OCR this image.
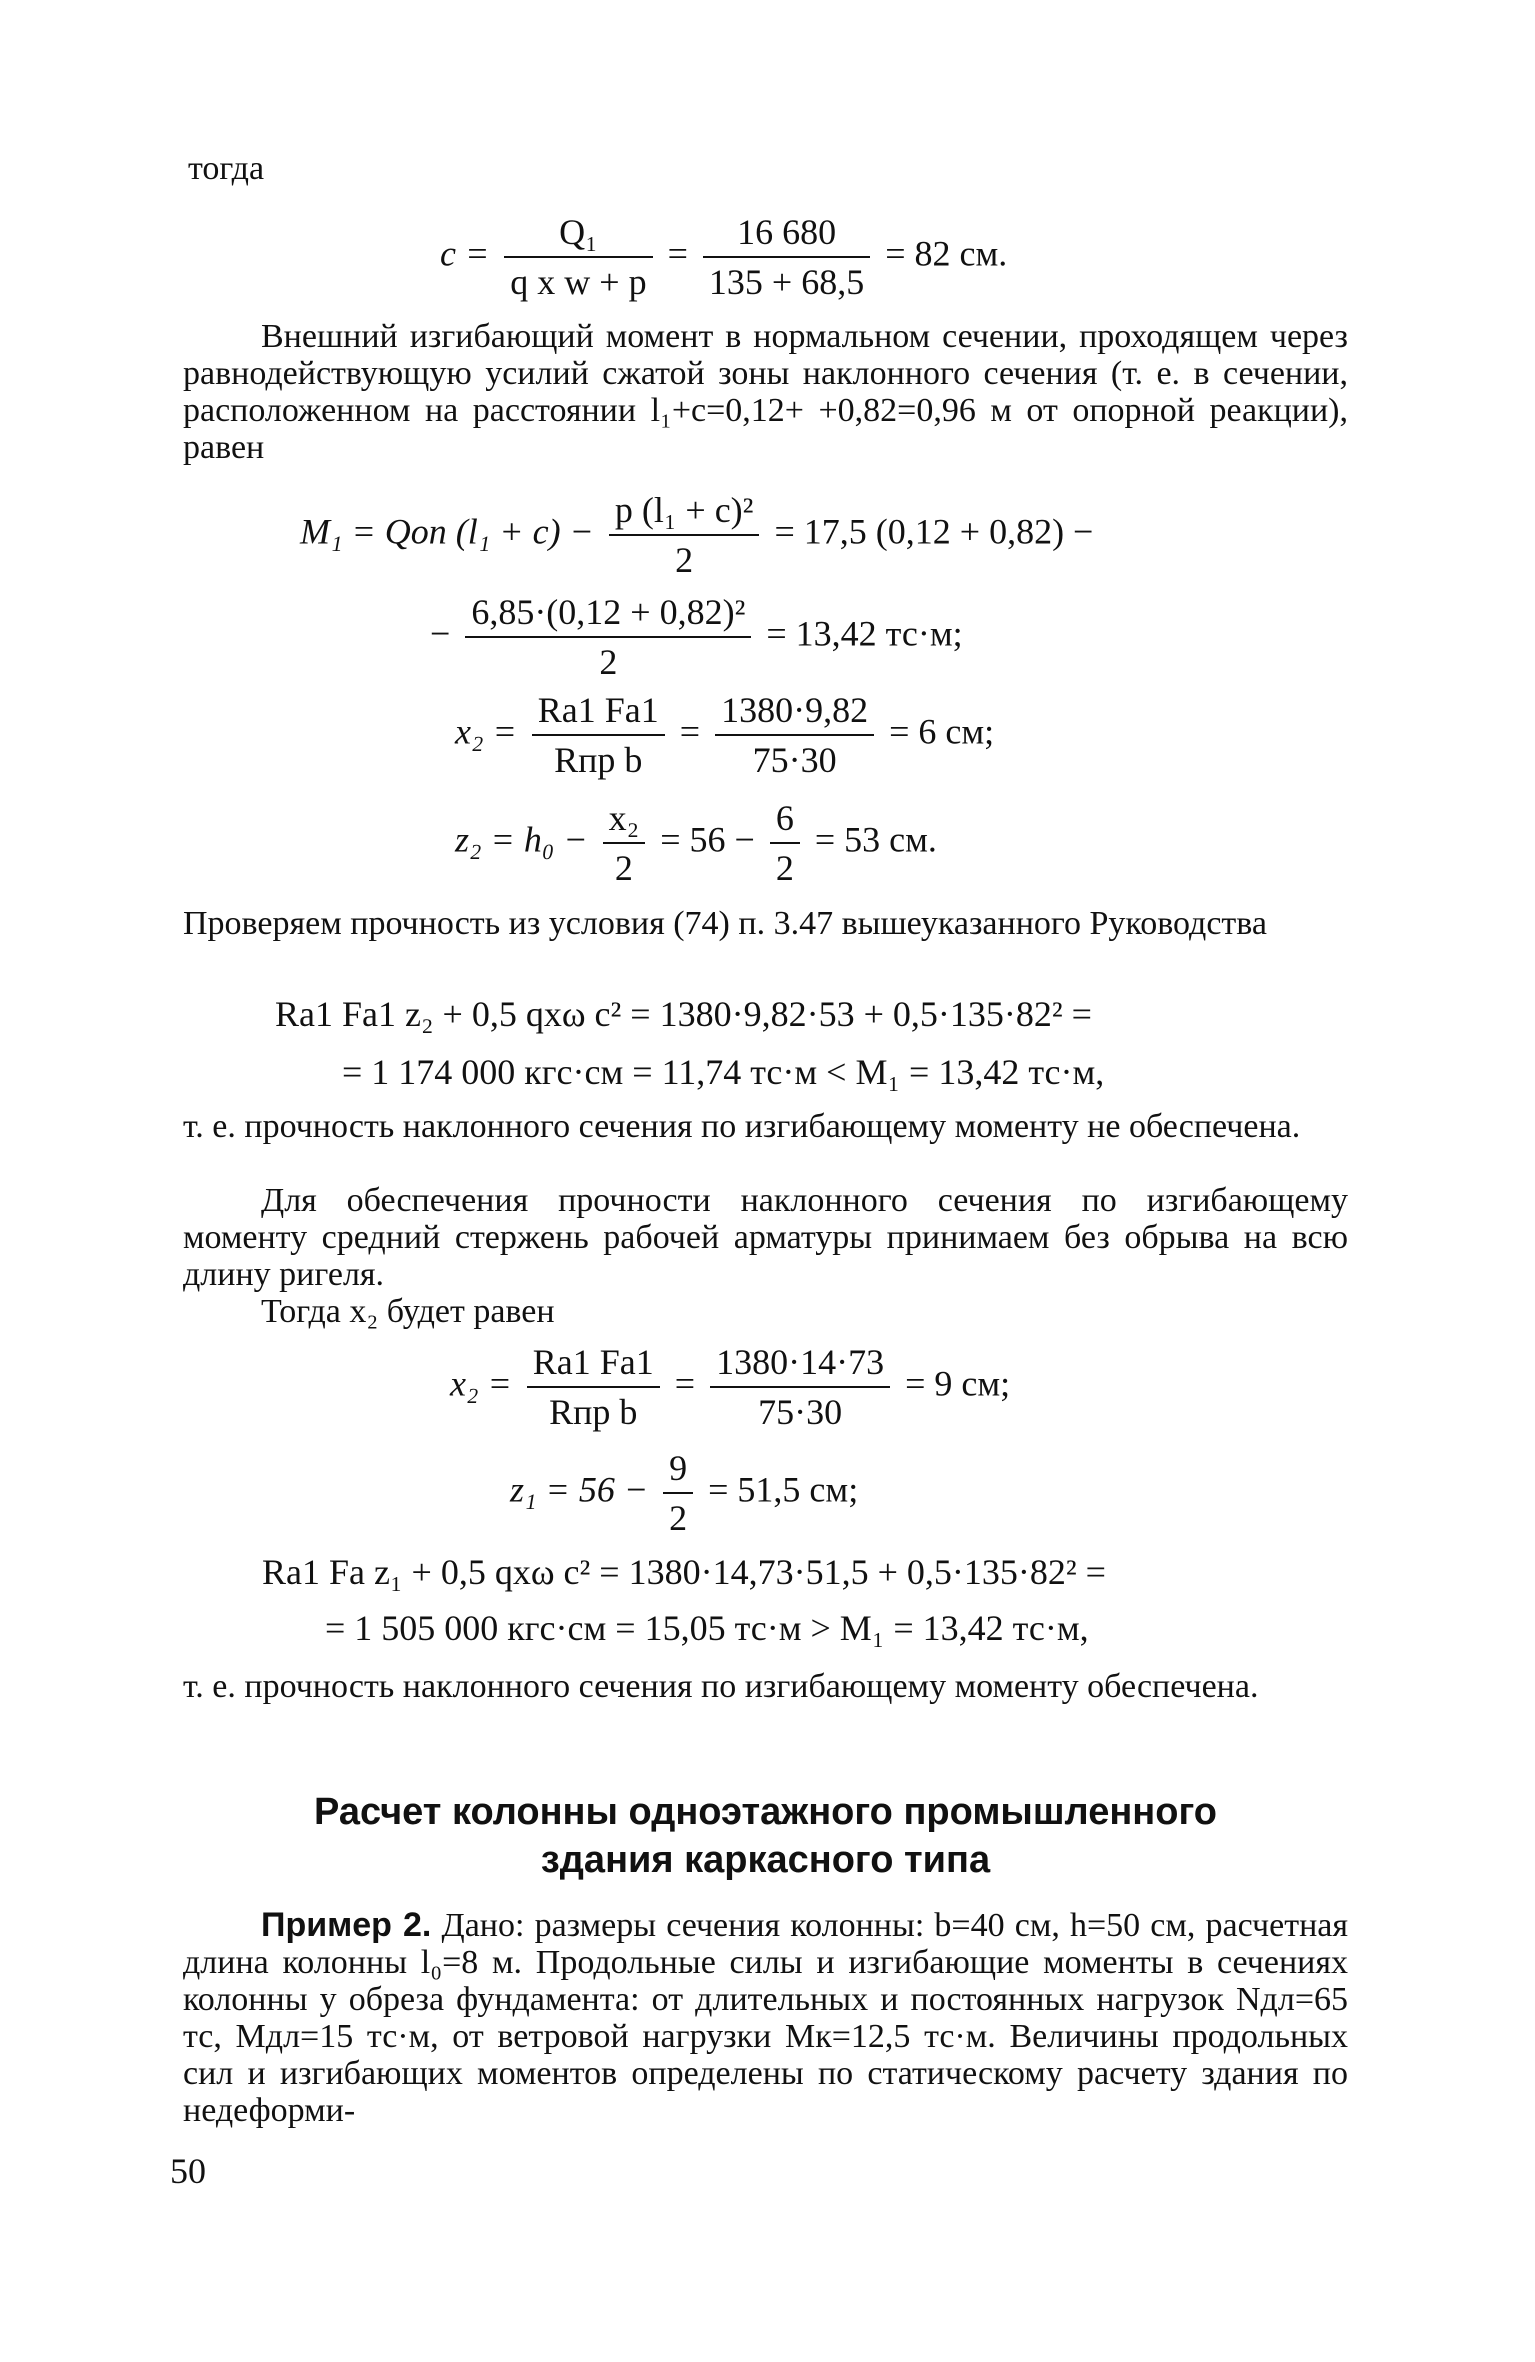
тогда
$c = \frac{\text{Q₁}}{\text{q x w + p}} = \frac{16 680}{135 + 68,5} = 82$ см.
Внешний изгибающий момент в нормальном сечении, проходящем через равнодействующую усилий сжатой зоны наклонного сечения (т. е. в сечении, расположенном на расстоянии l₁+c=0,12+ +0,82=0,96 м от опорной реакции), равен
M₁ = Qоп $(l_1 + c) - \frac{\text{p (l₁ + c)²}}{2} = 17,5$ (0,12 + 0,82) −
− $\frac{\text{6,85·(0,12 + 0,82)²}}{2} = 13,42$ тс·м;
$x_2 = \frac{Ra1 Fa1}{\text{Rпр b}} = \frac{1380\cdot 9,82}{75\cdot 30} = 6$ см;
$z_2 = h_0 - \frac{\text{x₂}}{2} = 56 - \frac{6}{2} = 53$ см.
Проверяем прочность из условия (74) п. 3.47 вышеуказанного Руководства
Ra1 Fa1 z₂ + 0,5 qxω c² = 1380·9,82·53 + 0,5·135·82² =
= 1 174 000 кгс·см = 11,74 тс·м < M₁ = 13,42 тс·м,
т. е. прочность наклонного сечения по изгибающему моменту не обеспечена.
Для обеспечения прочности наклонного сечения по изгибающему моменту средний стержень рабочей арматуры принимаем без обрыва на всю длину ригеля.
Тогда x₂ будет равен
$x_2 = \frac{Ra1 Fa1}{\text{Rпр b}} = \frac{1380\cdot 14\cdot 73}{75\cdot 30} = 9$ см;
$z_1 = 56 - \frac{9}{2} = 51,5$ см;
Ra1 Fa z₁ + 0,5 qxω c² = 1380·14,73·51,5 + 0,5·135·82² =
= 1 505 000 кгс·см = 15,05 тс·м > M₁ = 13,42 тс·м,
т. е. прочность наклонного сечения по изгибающему моменту обеспечена.
Расчет колонны одноэтажного промышленного
здания каркасного типа
Пример 2. Дано: размеры сечения колонны: b=40 см, h=50 см, расчетная длина колонны l₀=8 м. Продольные силы и изгибающие моменты в сечениях колонны у обреза фундамента: от длительных и постоянных нагрузок Nдл=65 тс, Mдл=15 тс·м, от ветровой нагрузки Mк=12,5 тс·м. Величины продольных сил и изгибающих моментов определены по статическому расчету здания по недеформи-
50
